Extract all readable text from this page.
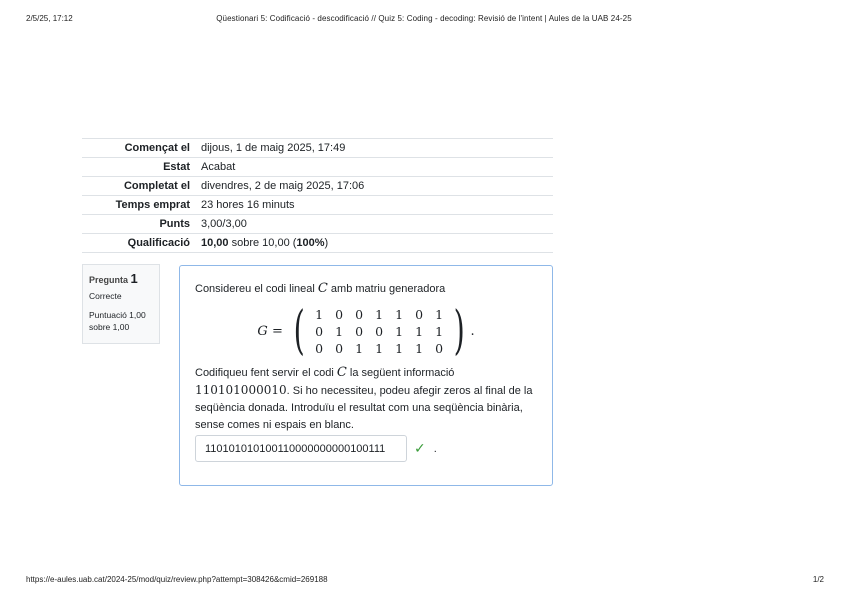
2/5/25, 17:12	Qüestionari 5: Codificació - descodificació // Quiz 5: Coding - decoding: Revisió de l'intent | Aules de la UAB 24-25
Començat el	dijous, 1 de maig 2025, 17:49
Estat	Acabat
Completat el	divendres, 2 de maig 2025, 17:06
Temps emprat	23 hores 16 minuts
Punts	3,00/3,00
Qualificació	10,00 sobre 10,00 (100%)
Pregunta 1
Correcte
Puntuació 1,00 sobre 1,00
Considereu el codi lineal C amb matriu generadora
G = ( 1 0 0 1 1 0 1
0 1 0 0 1 1 1
0 0 1 1 1 1 0 ) .
Codifiqueu fent servir el codi C la següent informació 110101000010. Si ho necessiteu, podeu afegir zeros al final de la seqüència donada. Introduïu el resultat com una seqüència binària, sense comes ni espais en blanc.
110101010100110000000000100111
✓ .
https://e-aules.uab.cat/2024-25/mod/quiz/review.php?attempt=308426&cmid=269188	1/2
